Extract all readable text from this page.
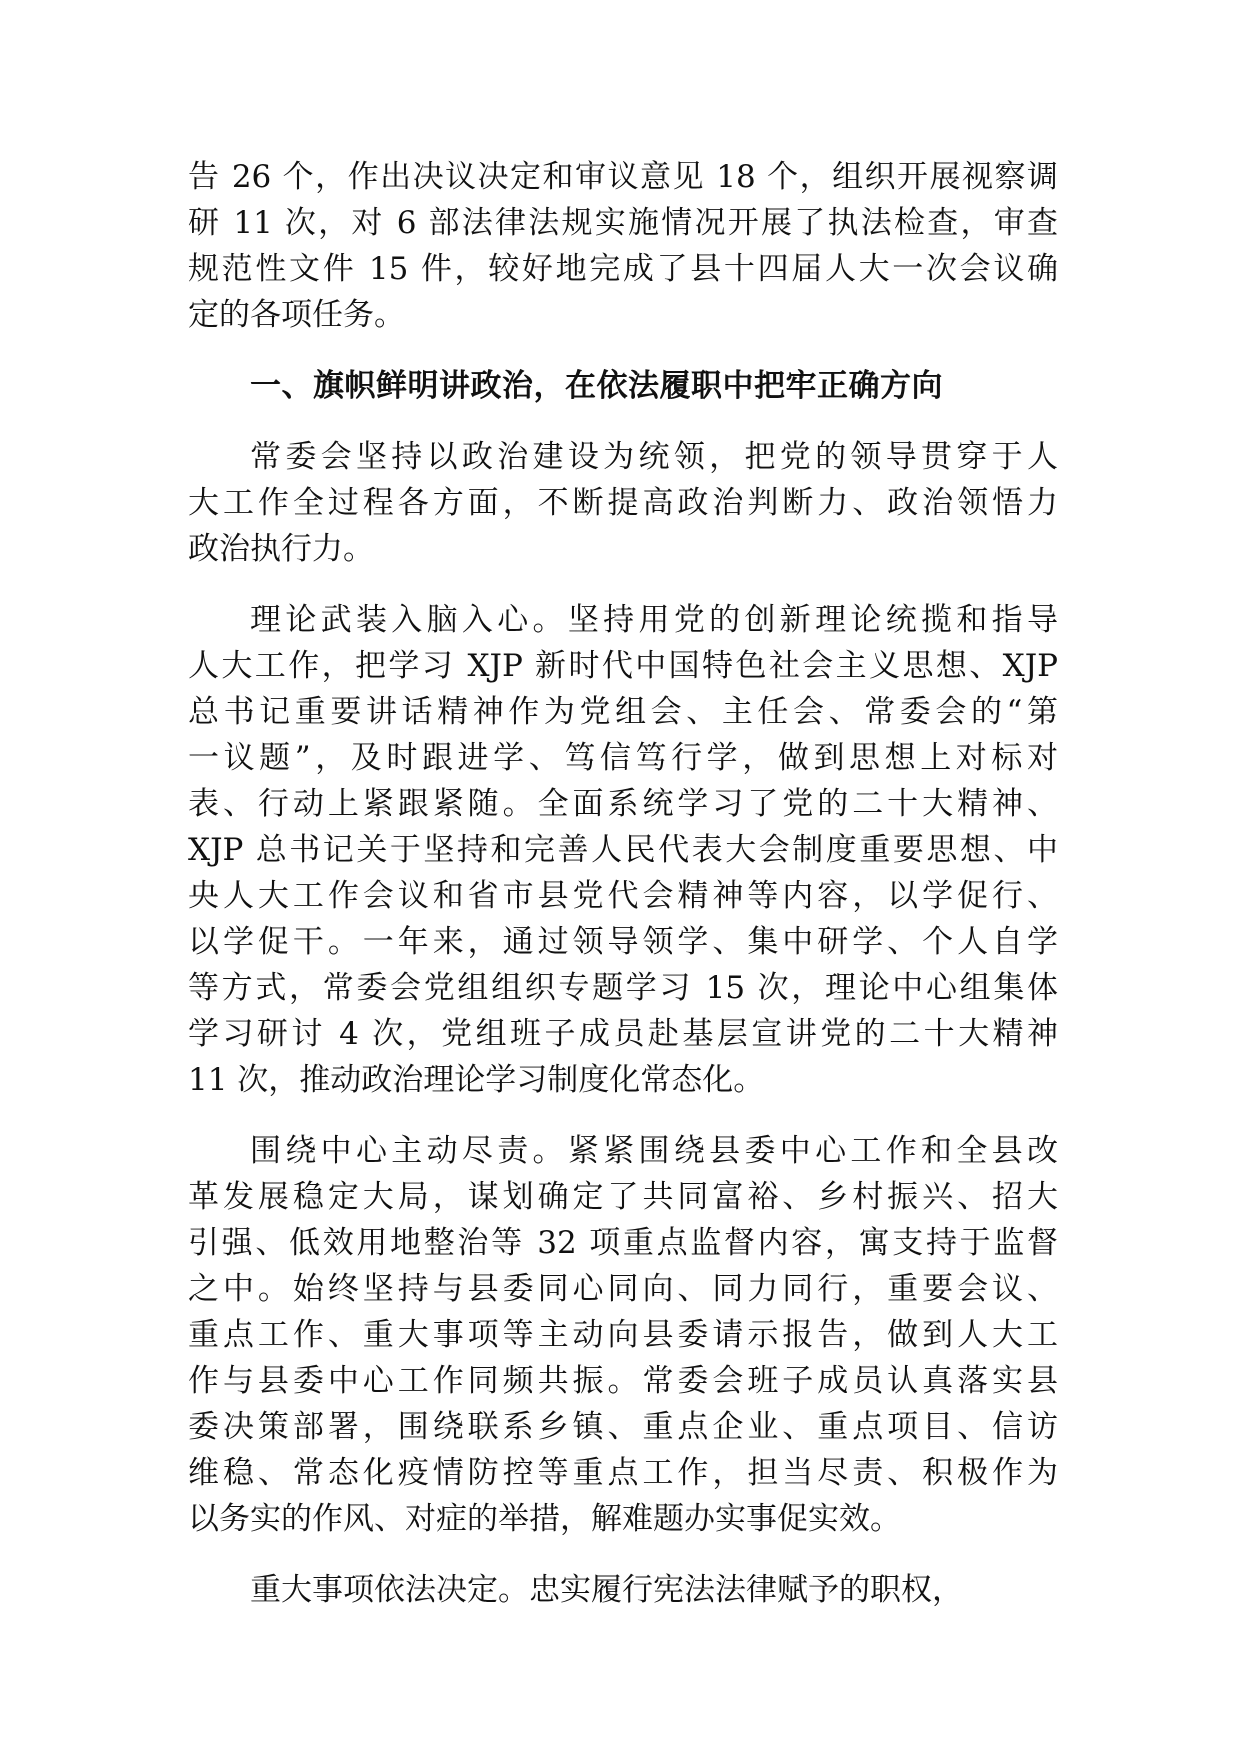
告 26 个，作出决议决定和审议意见 18 个，组织开展视察调
研 11 次，对 6 部法律法规实施情况开展了执法检查，审查
规范性文件 15 件，较好地完成了县十四届人大一次会议确
定的各项任务。
一、旗帜鲜明讲政治，在依法履职中把牢正确方向
常委会坚持以政治建设为统领，把党的领导贯穿于人
大工作全过程各方面，不断提高政治判断力、政治领悟力
政治执行力。
理论武装入脑入心。坚持用党的创新理论统揽和指导
人大工作，把学习 XJP 新时代中国特色社会主义思想、XJP
总书记重要讲话精神作为党组会、主任会、常委会的“第
一议题”，及时跟进学、笃信笃行学，做到思想上对标对
表、行动上紧跟紧随。全面系统学习了党的二十大精神、
XJP 总书记关于坚持和完善人民代表大会制度重要思想、中
央人大工作会议和省市县党代会精神等内容，以学促行、
以学促干。一年来，通过领导领学、集中研学、个人自学
等方式，常委会党组组织专题学习 15 次，理论中心组集体
学习研讨 4 次，党组班子成员赴基层宣讲党的二十大精神
11 次，推动政治理论学习制度化常态化。
围绕中心主动尽责。紧紧围绕县委中心工作和全县改
革发展稳定大局，谋划确定了共同富裕、乡村振兴、招大
引强、低效用地整治等 32 项重点监督内容，寓支持于监督
之中。始终坚持与县委同心同向、同力同行，重要会议、
重点工作、重大事项等主动向县委请示报告，做到人大工
作与县委中心工作同频共振。常委会班子成员认真落实县
委决策部署，围绕联系乡镇、重点企业、重点项目、信访
维稳、常态化疫情防控等重点工作，担当尽责、积极作为
以务实的作风、对症的举措，解难题办实事促实效。
重大事项依法决定。忠实履行宪法法律赋予的职权，
